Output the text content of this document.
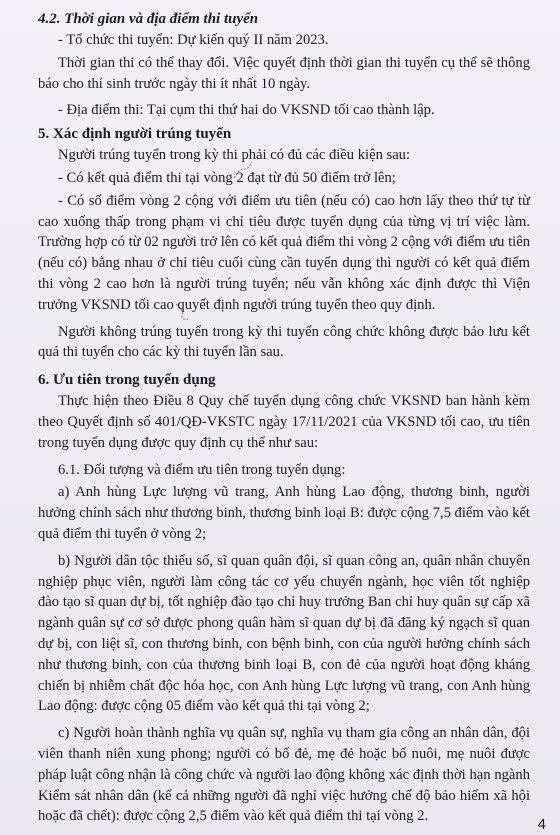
4.2. Thời gian và địa điểm thi tuyển

- Tổ chức thi tuyển: Dự kiến quý II năm 2023.

Thời gian thi có thể thay đổi. Việc quyết định thời gian thi tuyển cụ thể sẽ thông báo cho thí sinh trước ngày thi ít nhất 10 ngày.

- Địa điểm thi: Tại cụm thi thứ hai do VKSND tối cao thành lập.

5. Xác định người trúng tuyển

Người trúng tuyển trong kỳ thi phải có đủ các điều kiện sau:

- Có kết quả điểm thi tại vòng 2 đạt từ đủ 50 điểm trở lên;

- Có số điểm vòng 2 cộng với điểm ưu tiên (nếu có) cao hơn lấy theo thứ tự từ cao xuống thấp trong phạm vi chỉ tiêu được tuyển dụng của từng vị trí việc làm. Trường hợp có từ 02 người trở lên có kết quả điểm thi vòng 2 cộng với điểm ưu tiên (nếu có) bằng nhau ở chỉ tiêu cuối cùng cần tuyển dụng thì người có kết quả điểm thi vòng 2 cao hơn là người trúng tuyển; nếu vẫn không xác định được thì Viện trưởng VKSND tối cao quyết định người trúng tuyển theo quy định.

Người không trúng tuyển trong kỳ thi tuyển công chức không được bảo lưu kết quả thi tuyển cho các kỳ thi tuyển lần sau.

6. Ưu tiên trong tuyển dụng

Thực hiện theo Điều 8 Quy chế tuyển dụng công chức VKSND ban hành kèm theo Quyết định số 401/QĐ-VKSTC ngày 17/11/2021 của VKSND tối cao, ưu tiên trong tuyển dụng được quy định cụ thể như sau:

6.1. Đối tượng và điểm ưu tiên trong tuyển dụng:

a) Anh hùng Lực lượng vũ trang, Anh hùng Lao động, thương binh, người hưởng chính sách như thương binh, thương binh loại B: được cộng 7,5 điểm vào kết quả điểm thi tuyển ở vòng 2;

b) Người dân tộc thiểu số, sĩ quan quân đội, sĩ quan công an, quân nhân chuyên nghiệp phục viên, người làm công tác cơ yếu chuyển ngành, học viên tốt nghiệp đào tạo sĩ quan dự bị, tốt nghiệp đào tạo chỉ huy trưởng Ban chỉ huy quân sự cấp xã ngành quân sự cơ sở được phong quân hàm sĩ quan dự bị đã đăng ký ngạch sĩ quan dự bị, con liệt sĩ, con thương binh, con bệnh binh, con của người hưởng chính sách như thương binh, con của thương binh loại B, con đẻ của người hoạt động kháng chiến bị nhiễm chất độc hóa học, con Anh hùng Lực lượng vũ trang, con Anh hùng Lao động: được cộng 05 điểm vào kết quả thi tại vòng 2;

c) Người hoàn thành nghĩa vụ quân sự, nghĩa vụ tham gia công an nhân dân, đội viên thanh niên xung phong; người có bố đẻ, mẹ đẻ hoặc bố nuôi, mẹ nuôi được pháp luật công nhận là công chức và người lao động không xác định thời hạn ngành Kiểm sát nhân dân (kể cả những người đã nghỉ việc hưởng chế độ bảo hiểm xã hội hoặc đã chết): được cộng 2,5 điểm vào kết quả điểm thi tại vòng 2.	4
